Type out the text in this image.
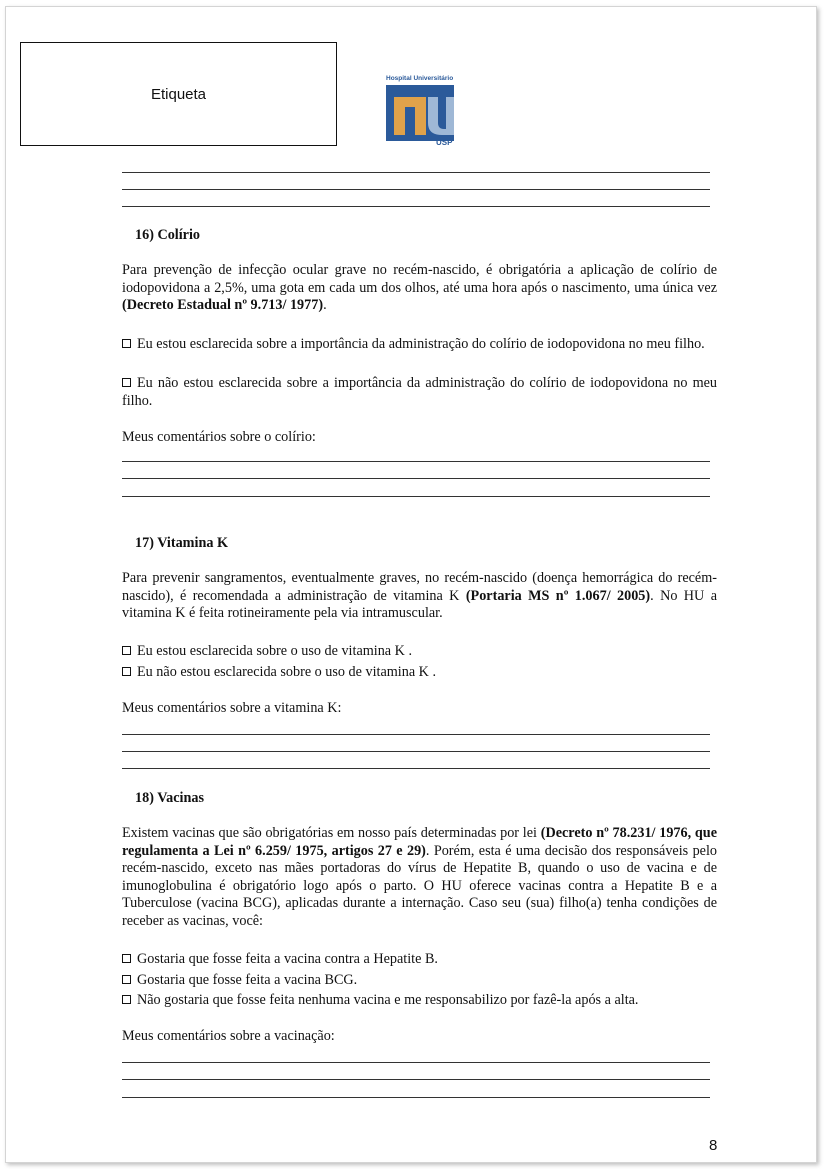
Etiqueta
Hospital Universitário
USP
16) Colírio
Para prevenção de infecção ocular grave no recém-nascido, é obrigatória a aplicação de colírio de iodopovidona a 2,5%, uma gota em cada um dos olhos, até uma hora após o nascimento, uma única vez (Decreto Estadual nº 9.713/ 1977).
Eu estou esclarecida sobre a importância da administração do colírio de iodopovidona no meu filho.
Eu não estou esclarecida sobre a importância da administração do colírio de iodopovidona no meu filho.
Meus comentários sobre o colírio:
17) Vitamina K
Para prevenir sangramentos, eventualmente graves, no recém-nascido (doença hemorrágica do recém-nascido), é recomendada a administração de vitamina K (Portaria MS nº 1.067/ 2005). No HU a vitamina K é feita rotineiramente pela via intramuscular.
Eu estou esclarecida sobre o uso de vitamina K .
Eu não estou esclarecida sobre o uso de vitamina K .
Meus comentários sobre a vitamina K:
18) Vacinas
Existem vacinas que são obrigatórias em nosso país determinadas por lei (Decreto nº 78.231/ 1976, que regulamenta a Lei nº 6.259/ 1975, artigos 27 e 29). Porém, esta é uma decisão dos responsáveis pelo recém-nascido, exceto nas mães portadoras do vírus de Hepatite B, quando o uso de vacina e de imunoglobulina é obrigatório logo após o parto. O HU oferece vacinas contra a Hepatite B e a Tuberculose (vacina BCG), aplicadas durante a internação. Caso seu (sua) filho(a) tenha condições de receber as vacinas, você:
Gostaria que fosse feita a vacina contra a Hepatite B.
Gostaria que fosse feita a vacina BCG.
Não gostaria que fosse feita nenhuma vacina e me responsabilizo por fazê-la após a alta.
Meus comentários sobre a vacinação:
8
